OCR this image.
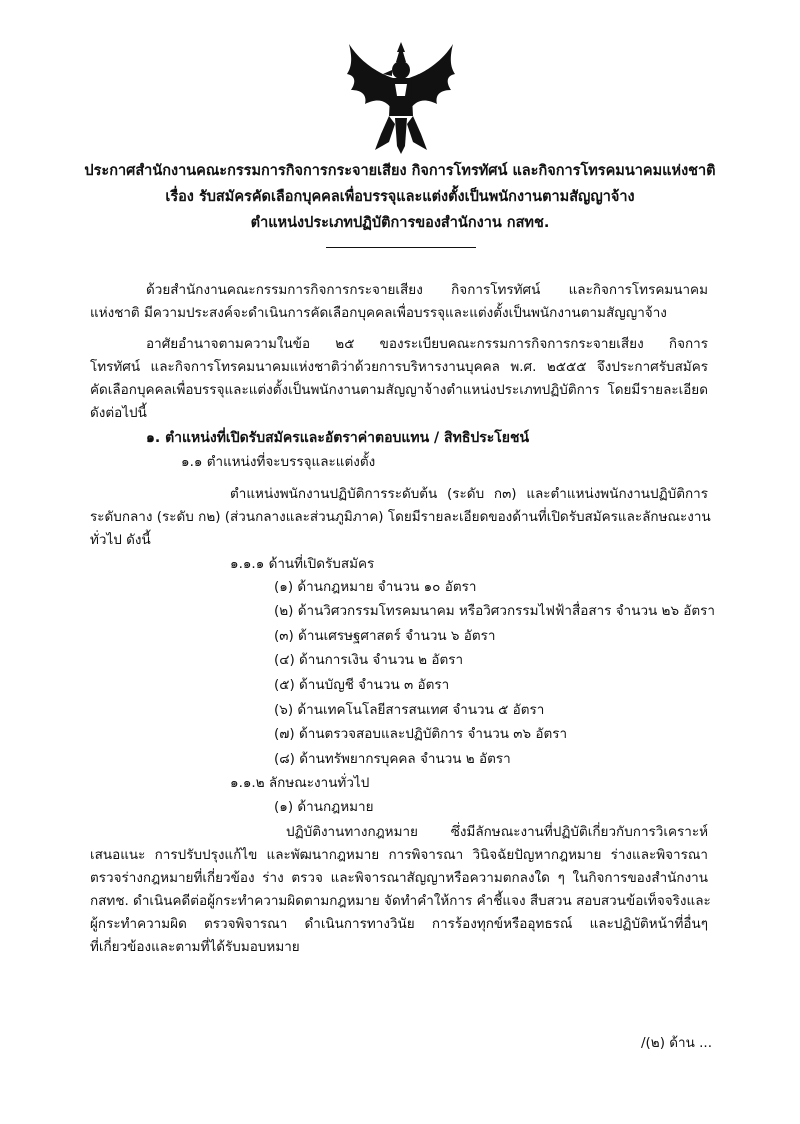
ประกาศสำนักงานคณะกรรมการกิจการกระจายเสียง กิจการโทรทัศน์ และกิจการโทรคมนาคมแห่งชาติ
เรื่อง รับสมัครคัดเลือกบุคคลเพื่อบรรจุและแต่งตั้งเป็นพนักงานตามสัญญาจ้าง
ตำแหน่งประเภทปฏิบัติการของสำนักงาน กสทช.
ด้วยสำนักงานคณะกรรมการกิจการกระจายเสียง กิจการโทรทัศน์ และกิจการโทรคมนาคม
แห่งชาติ มีความประสงค์จะดำเนินการคัดเลือกบุคคลเพื่อบรรจุและแต่งตั้งเป็นพนักงานตามสัญญาจ้าง
อาศัยอำนาจตามความในข้อ ๒๕ ของระเบียบคณะกรรมการกิจการกระจายเสียง กิจการ
โทรทัศน์ และกิจการโทรคมนาคมแห่งชาติว่าด้วยการบริหารงานบุคคล พ.ศ. ๒๕๕๕ จึงประกาศรับสมัคร
คัดเลือกบุคคลเพื่อบรรจุและแต่งตั้งเป็นพนักงานตามสัญญาจ้างตำแหน่งประเภทปฏิบัติการ โดยมีรายละเอียด
ดังต่อไปนี้
๑. ตำแหน่งที่เปิดรับสมัครและอัตราค่าตอบแทน / สิทธิประโยชน์
๑.๑ ตำแหน่งที่จะบรรจุและแต่งตั้ง
ตำแหน่งพนักงานปฏิบัติการระดับต้น (ระดับ ก๓) และตำแหน่งพนักงานปฏิบัติการ
ระดับกลาง (ระดับ ก๒) (ส่วนกลางและส่วนภูมิภาค) โดยมีรายละเอียดของด้านที่เปิดรับสมัครและลักษณะงาน
ทั่วไป ดังนี้
๑.๑.๑ ด้านที่เปิดรับสมัคร
(๑) ด้านกฎหมาย จำนวน ๑๐ อัตรา
(๒) ด้านวิศวกรรมโทรคมนาคม หรือวิศวกรรมไฟฟ้าสื่อสาร จำนวน ๒๖ อัตรา
(๓) ด้านเศรษฐศาสตร์ จำนวน ๖ อัตรา
(๔) ด้านการเงิน จำนวน ๒ อัตรา
(๕) ด้านบัญชี จำนวน ๓ อัตรา
(๖) ด้านเทคโนโลยีสารสนเทศ จำนวน ๕ อัตรา
(๗) ด้านตรวจสอบและปฏิบัติการ จำนวน ๓๖ อัตรา
(๘) ด้านทรัพยากรบุคคล จำนวน ๒ อัตรา
๑.๑.๒ ลักษณะงานทั่วไป
(๑) ด้านกฎหมาย
ปฏิบัติงานทางกฎหมาย ซึ่งมีลักษณะงานที่ปฏิบัติเกี่ยวกับการวิเคราะห์
เสนอแนะ การปรับปรุงแก้ไข และพัฒนากฎหมาย การพิจารณา วินิจฉัยปัญหากฎหมาย ร่างและพิจารณา
ตรวจร่างกฎหมายที่เกี่ยวข้อง ร่าง ตรวจ และพิจารณาสัญญาหรือความตกลงใด ๆ ในกิจการของสำนักงาน
กสทช. ดำเนินคดีต่อผู้กระทำความผิดตามกฎหมาย จัดทำคำให้การ คำชี้แจง สืบสวน สอบสวนข้อเท็จจริงและ
ผู้กระทำความผิด ตรวจพิจารณา ดำเนินการทางวินัย การร้องทุกข์หรืออุทธรณ์ และปฏิบัติหน้าที่อื่นๆ
ที่เกี่ยวข้องและตามที่ได้รับมอบหมาย
/(๒) ด้าน ...
